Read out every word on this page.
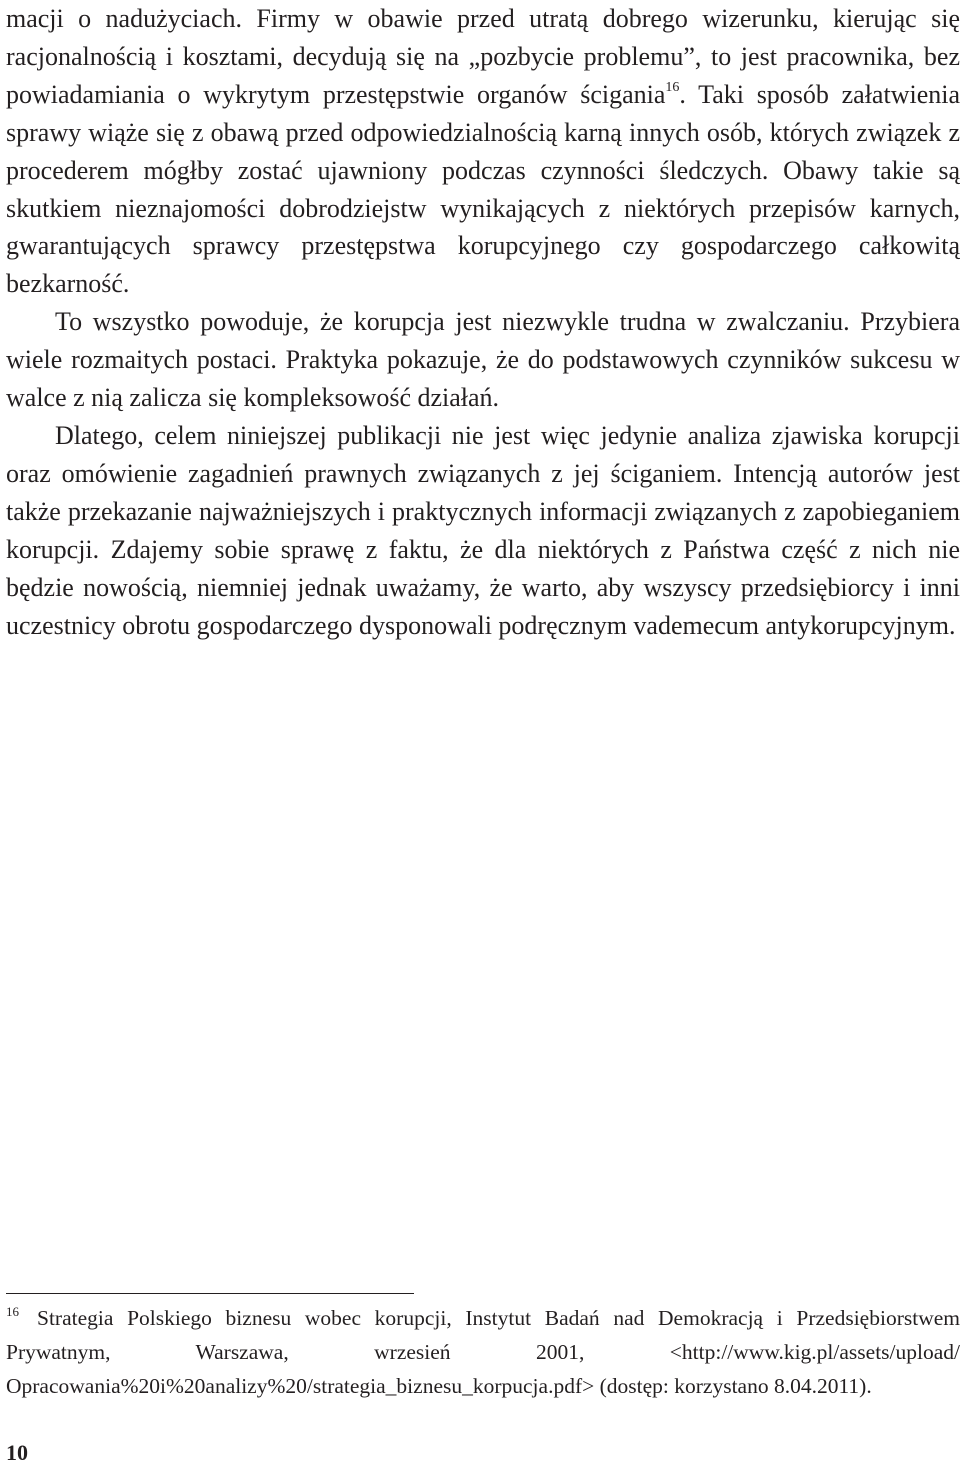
macji o nadużyciach. Firmy w obawie przed utratą dobrego wizerunku, kierując się racjonalnością i kosztami, decydują się na „pozbycie problemu”, to jest pracownika, bez powiadamiania o wykrytym przestępstwie organów ścigania$^{16}$. Taki sposób załatwienia sprawy wiąże się z obawą przed odpowiedzialnością karną innych osób, których związek z procederem mógłby zostać ujawniony podczas czynności śledczych. Obawy takie są skutkiem nieznajomości dobrodziejstw wynikających z niektórych przepisów karnych, gwarantujących sprawcy przestępstwa korupcyjnego czy gospodarczego całkowitą bezkarność.

To wszystko powoduje, że korupcja jest niezwykle trudna w zwalczaniu. Przybiera wiele rozmaitych postaci. Praktyka pokazuje, że do podstawowych czynników sukcesu w walce z nią zalicza się kompleksowość działań.

Dlatego, celem niniejszej publikacji nie jest więc jedynie analiza zjawiska korupcji oraz omówienie zagadnień prawnych związanych z jej ściganiem. Intencją autorów jest także przekazanie najważniejszych i praktycznych informacji związanych z zapobieganiem korupcji. Zdajemy sobie sprawę z faktu, że dla niektórych z Państwa część z nich nie będzie nowością, niemniej jednak uważamy, że warto, aby wszyscy przedsiębiorcy i inni uczestnicy obrotu gospodarczego dysponowali podręcznym vademecum antykorupcyjnym.

$^{16}$ Strategia Polskiego biznesu wobec korupcji, Instytut Badań nad Demokracją i Przedsiębiorstwem Prywatnym, Warszawa, wrzesień 2001, <http://www.kig.pl/assets/​upload/​Opracowania%20i%20analizy%20/strategia_biznesu_korpucja.pdf> (dostęp: korzystano 8.04.2011).

10
